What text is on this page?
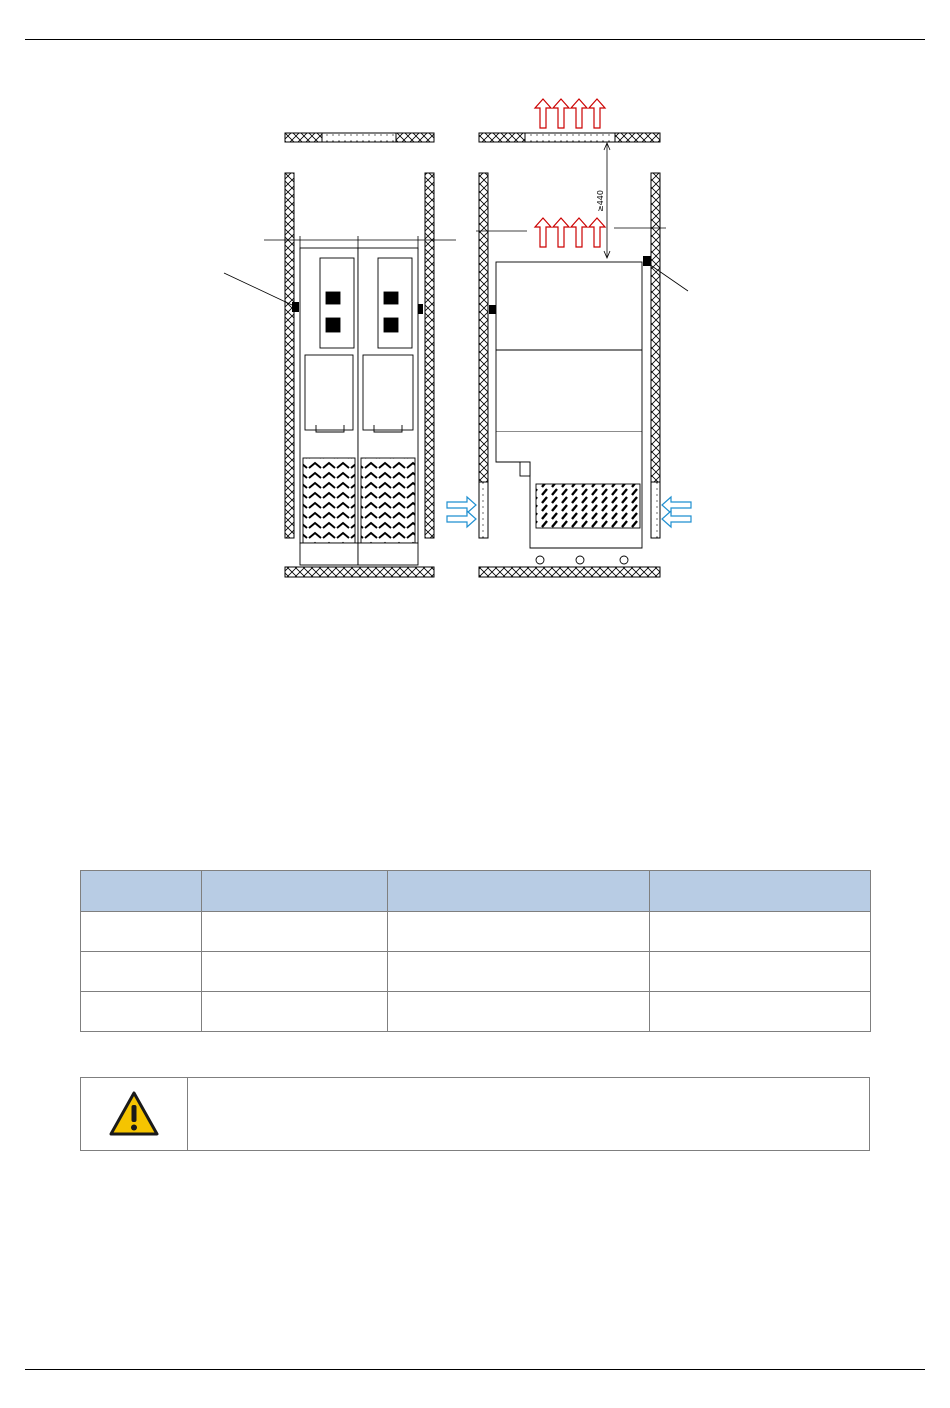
≥440
